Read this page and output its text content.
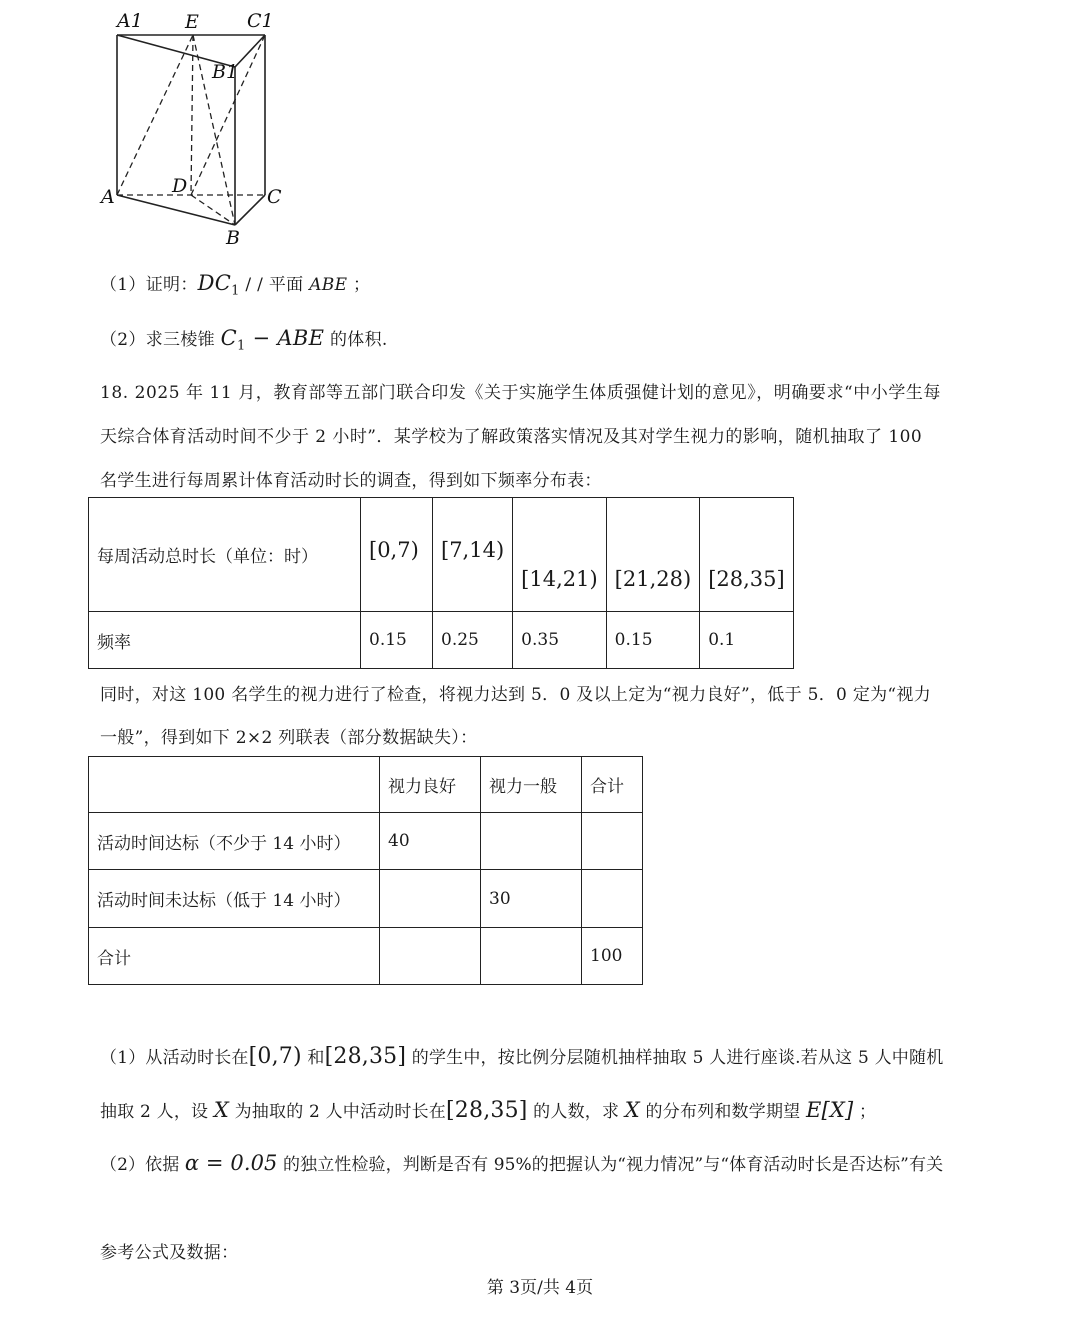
A1 E	C1
B1
D
A	C
B
（1）证明：$DC_1$ / / 平面 ABE ；
（2）求三棱锥 $C_1$ − ABE 的体积.
18. 2025 年 11 月，教育部等五部门联合印发《关于实施学生体质强健计划的意见》，明确要求“中小学生每
天综合体育活动时间不少于 2 小时”．某学校为了解政策落实情况及其对学生视力的影响，随机抽取了 100
名学生进行每周累计体育活动时长的调查，得到如下频率分布表：
每周活动总时长（单位：时）	[0,7)	[7,14)	[14,21)	[21,28)	[28,35]
频率	0.15	0.25	0.35	0.15	0.1
同时，对这 100 名学生的视力进行了检查，将视力达到 5．0 及以上定为“视力良好”，低于 5．0 定为“视力
一般”，得到如下 2×2 列联表（部分数据缺失）：
	视力良好	视力一般	合计
活动时间达标（不少于 14 小时）	40		
活动时间未达标（低于 14 小时）		30	
合计			100
（1）从活动时长在[0,7) 和[28,35] 的学生中，按比例分层随机抽样抽取 5 人进行座谈.若从这 5 人中随机
抽取 2 人，设 X 为抽取的 2 人中活动时长在[28,35] 的人数，求 X 的分布列和数学期望 E[X] ；
（2）依据 α = 0.05 的独立性检验，判断是否有 95%的把握认为“视力情况”与“体育活动时长是否达标”有关
参考公式及数据：
第 3页/共 4页
